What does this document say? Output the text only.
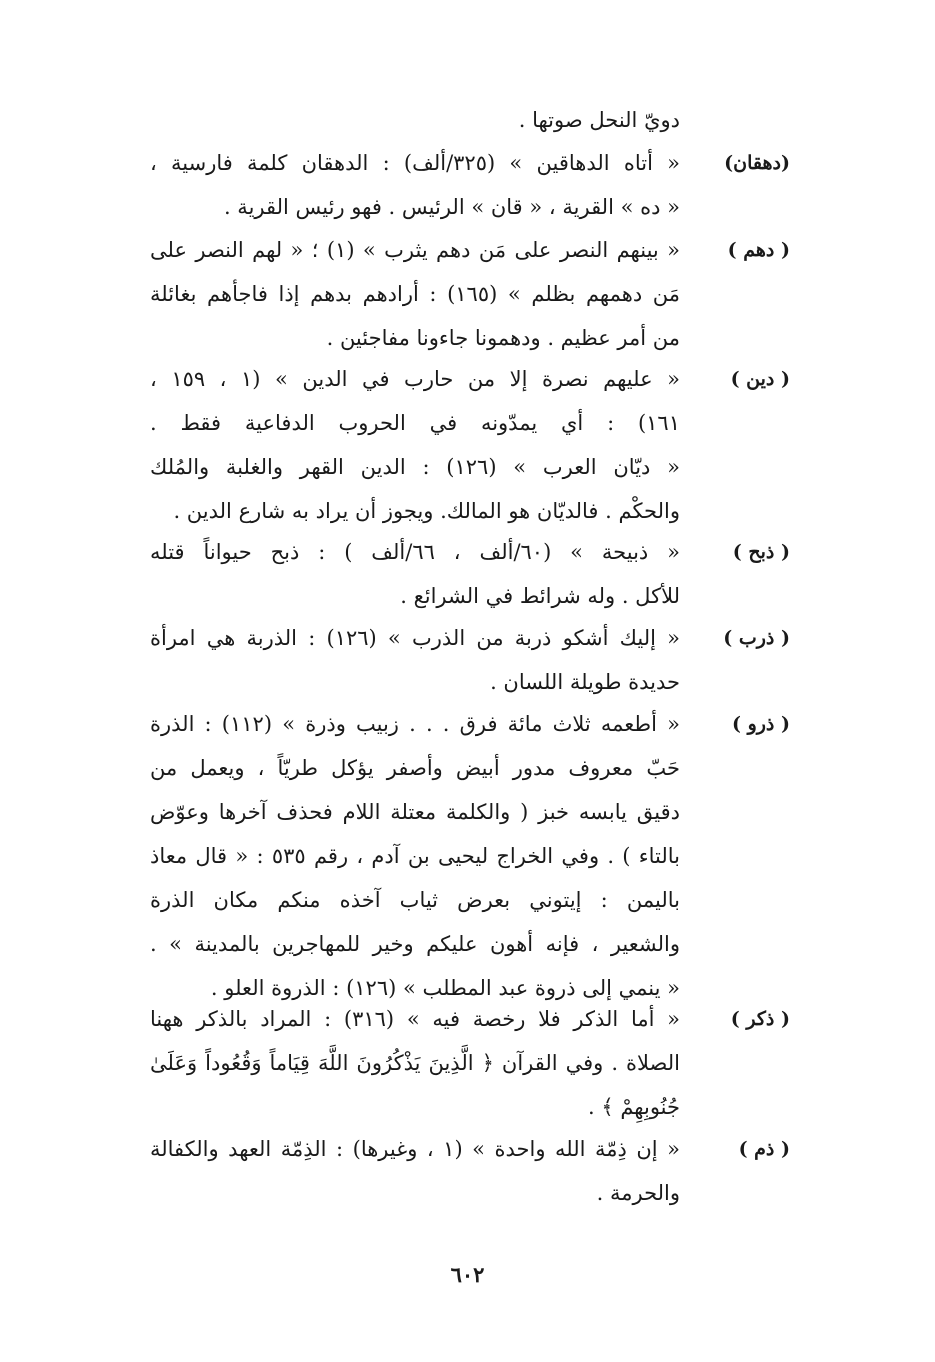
دويّ النحل صوتها .
(دهقان)
« أتاه الدهاقين » (٣٢٥/ألف) : الدهقان كلمة فارسية ،
« ده » القرية ، « قان » الرئيس . فهو رئيس القرية .
( دهم )
« بينهم النصر على مَن دهم يثرب » (١) ؛ « لهم النصر على
مَن دهمهم بظلم » (١٦٥) : أرادهم بدهم إذا فاجأهم بغائلة
من أمر عظيم . ودهمونا جاءونا مفاجئين .
( دين )
« عليهم نصرة إلا من حارب في الدين » (١ ، ١٥٩ ،
١٦١) : أي يمدّونه في الحروب الدفاعية فقط .
« ديّان العرب » (١٢٦) : الدين القهر والغلبة والمُلك
والحكْم . فالديّان هو المالك. ويجوز أن يراد به شارع الدين .
( ذبح )
« ذبيحة » (٦٠/ألف ، ٦٦/ألف ) : ذبح حيواناً قتله
للأكل . وله شرائط في الشرائع .
( ذرب )
« إليك أشكو ذربة من الذرب » (١٢٦) : الذربة هي امرأة
حديدة طويلة اللسان .
( ذرو )
« أطعمه ثلاث مائة فرق . . . زبيب وذرة » (١١٢) : الذرة
حَبّ معروف مدور أبيض وأصفر يؤكل طريّاً ، ويعمل من
دقيق يابسه خبز ( والكلمة معتلة اللام فحذف آخرها وعوّض
بالتاء ) . وفي الخراج ليحيى بن آدم ، رقم ٥٣٥ : « قال معاذ
باليمن : إيتوني بعرض ثياب آخذه منكم مكان الذرة
والشعير ، فإنه أهون عليكم وخير للمهاجرين بالمدينة » .
« ينمي إلى ذروة عبد المطلب » (١٢٦) : الذروة العلو .
( ذكر )
« أما الذكر فلا رخصة فيه » (٣١٦) : المراد بالذكر ههنا
الصلاة . وفي القرآن ﴿ الَّذِينَ يَذْكُرُونَ اللَّهَ قِيَاماً وَقُعُوداً وَعَلَىٰ
جُنُوبِهِمْ ﴾ .
( ذم )
« إن ذِمّة الله واحدة » (١ ، وغيرها) : الذِمّة العهد والكفالة
والحرمة .
٦٠٢
